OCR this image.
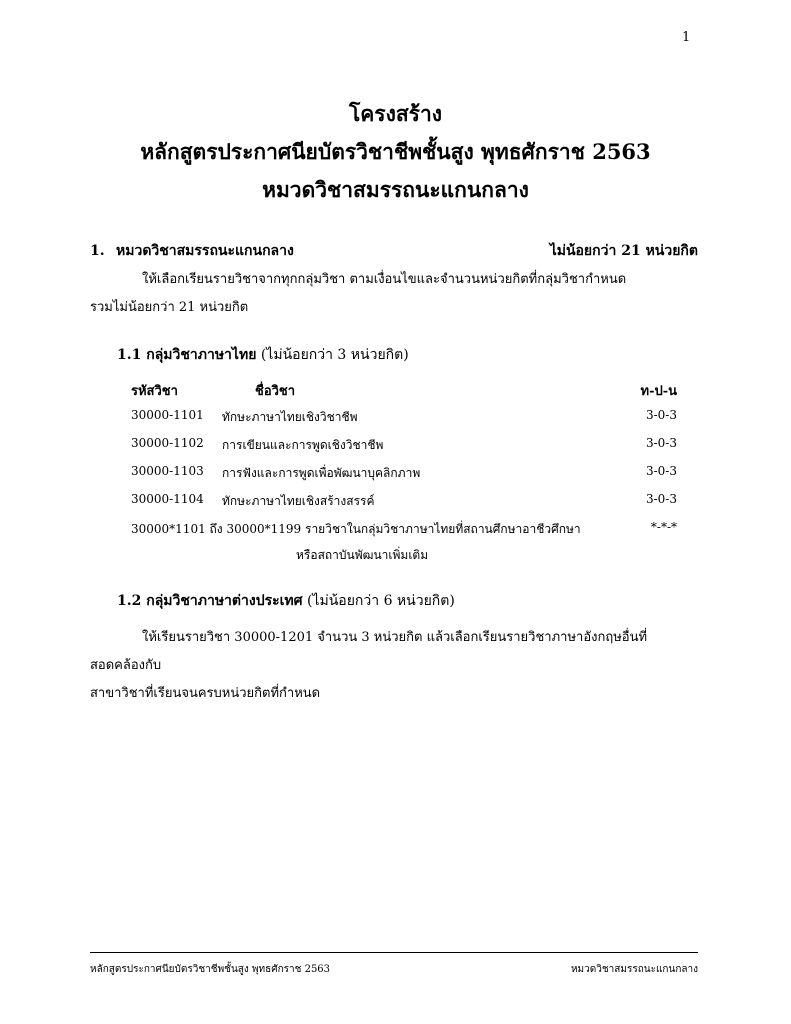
1
โครงสร้าง
หลักสูตรประกาศนียบัตรวิชาชีพชั้นสูง พุทธศักราช 2563
หมวดวิชาสมรรถนะแกนกลาง
1. หมวดวิชาสมรรถนะแกนกลาง	ไม่น้อยกว่า 21 หน่วยกิต
ให้เลือกเรียนรายวิชาจากทุกกลุ่มวิชา ตามเงื่อนไขและจำนวนหน่วยกิตที่กลุ่มวิชากำหนด
รวมไม่น้อยกว่า 21 หน่วยกิต
1.1 กลุ่มวิชาภาษาไทย (ไม่น้อยกว่า 3 หน่วยกิต)
รหัสวิชา	ชื่อวิชา	ท-ป-น
30000-1101 ทักษะภาษาไทยเชิงวิชาชีพ	3-0-3
30000-1102 การเขียนและการพูดเชิงวิชาชีพ	3-0-3
30000-1103 การฟังและการพูดเพื่อพัฒนาบุคลิกภาพ	3-0-3
30000-1104 ทักษะภาษาไทยเชิงสร้างสรรค์	3-0-3
30000*1101 ถึง 30000*1199 รายวิชาในกลุ่มวิชาภาษาไทยที่สถานศึกษาอาชีวศึกษา	*-*-*
หรือสถาบันพัฒนาเพิ่มเติม
1.2 กลุ่มวิชาภาษาต่างประเทศ (ไม่น้อยกว่า 6 หน่วยกิต)
ให้เรียนรายวิชา 30000-1201 จำนวน 3 หน่วยกิต แล้วเลือกเรียนรายวิชาภาษาอังกฤษอื่นที่สอดคล้องกับ
สาขาวิชาที่เรียนจนครบหน่วยกิตที่กำหนด
หลักสูตรประกาศนียบัตรวิชาชีพชั้นสูง พุทธศักราช 2563	หมวดวิชาสมรรถนะแกนกลาง
